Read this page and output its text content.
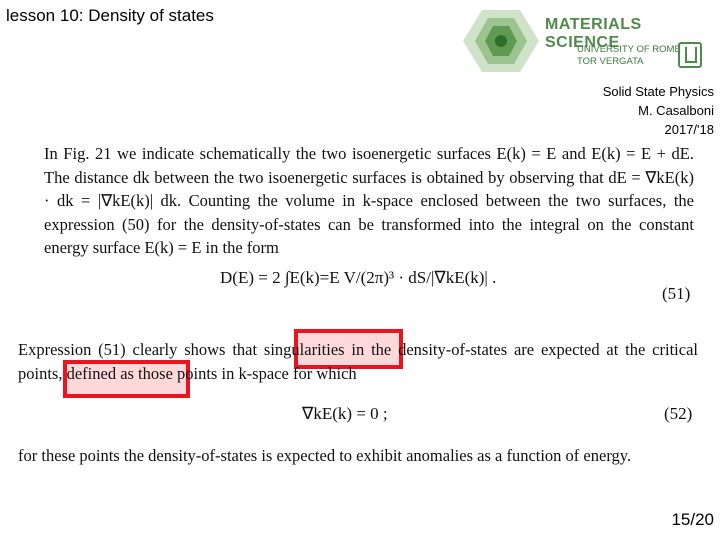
lesson 10: Density of states	MATERIALS SCIENCE
UNIVERSITY OF ROME
TOR VERGATA
Solid State Physics
M. Casalboni
2017/'18
In Fig. 21 we indicate schematically the two isoenergetic surfaces E(k) = E and E(k) = E + dE. The distance dk between the two isoenergetic surfaces is obtained by observing that dE = ∇kE(k) · dk = |∇kE(k)| dk. Counting the volume in k-space enclosed between the two surfaces, the expression (50) for the density-of-states can be transformed into the integral on the constant energy surface E(k) = E in the form
D(E) = 2 ∫E(k)=E V/(2π)³ · dS/|∇kE(k)| .
(51)
Expression (51) clearly shows that singularities in the density-of-states are expected at the critical points, defined as those points in k-space for which
∇kE(k) = 0 ;	(52)
for these points the density-of-states is expected to exhibit anomalies as a function of energy.
15/20
